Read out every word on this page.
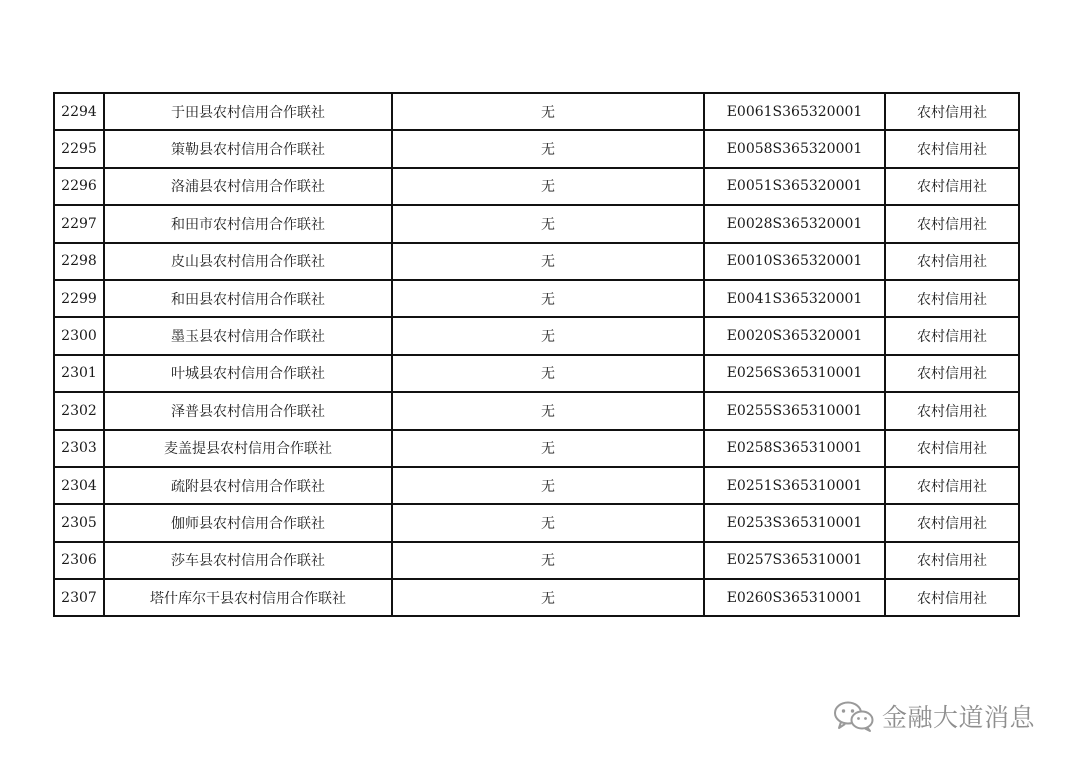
2294	于田县农村信用合作联社	无	E0061S365320001	农村信用社
2295	策勒县农村信用合作联社	无	E0058S365320001	农村信用社
2296	洛浦县农村信用合作联社	无	E0051S365320001	农村信用社
2297	和田市农村信用合作联社	无	E0028S365320001	农村信用社
2298	皮山县农村信用合作联社	无	E0010S365320001	农村信用社
2299	和田县农村信用合作联社	无	E0041S365320001	农村信用社
2300	墨玉县农村信用合作联社	无	E0020S365320001	农村信用社
2301	叶城县农村信用合作联社	无	E0256S365310001	农村信用社
2302	泽普县农村信用合作联社	无	E0255S365310001	农村信用社
2303	麦盖提县农村信用合作联社	无	E0258S365310001	农村信用社
2304	疏附县农村信用合作联社	无	E0251S365310001	农村信用社
2305	伽师县农村信用合作联社	无	E0253S365310001	农村信用社
2306	莎车县农村信用合作联社	无	E0257S365310001	农村信用社
2307	塔什库尔干县农村信用合作联社	无	E0260S365310001	农村信用社
金融大道消息
